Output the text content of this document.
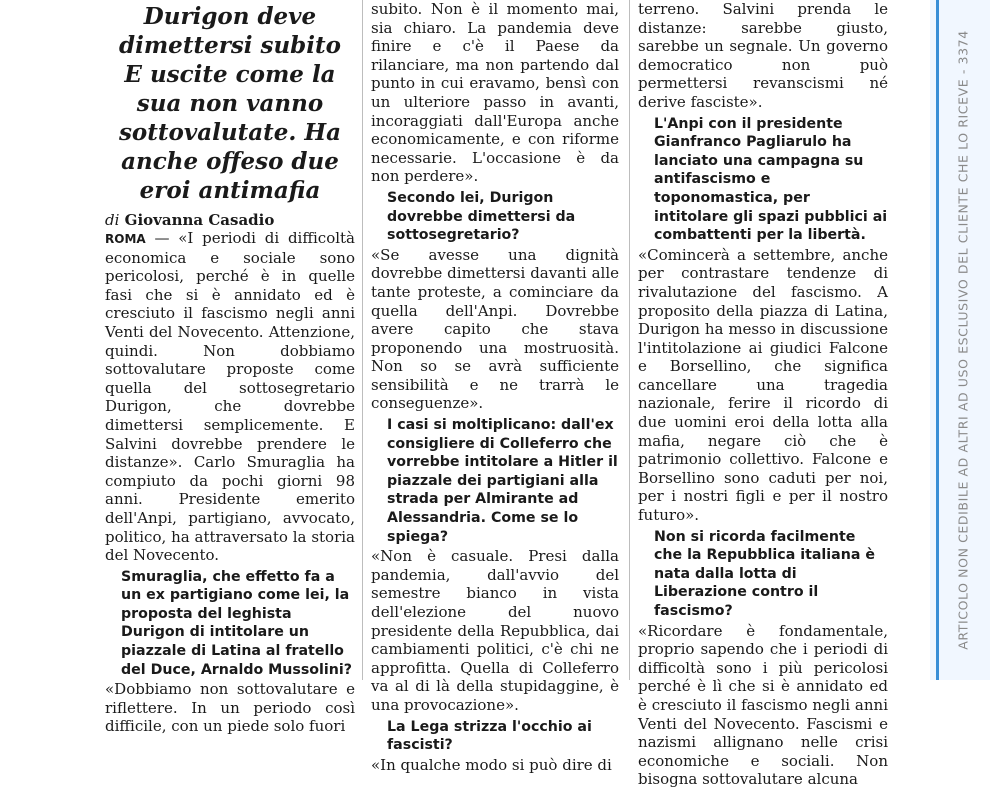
Durigon deve dimettersi subito E uscite come la sua non vanno sottovalutate. Ha anche offeso due eroi antimafia
di Giovanna Casadio

ROMA — «I periodi di difficoltà economica e sociale sono pericolosi, perché è in quelle fasi che si è annidato ed è cresciuto il fascismo negli anni Venti del Novecento. Attenzione, quindi. Non dobbiamo sottovalutare proposte come quella del sottosegretario Durigon, che dovrebbe dimettersi semplicemente. E Salvini dovrebbe prendere le distanze». Carlo Smuraglia ha compiuto da pochi giorni 98 anni. Presidente emerito dell'Anpi, partigiano, avvocato, politico, ha attraversato la storia del Novecento.

Smuraglia, che effetto fa a un ex partigiano come lei, la proposta del leghista Durigon di intitolare un piazzale di Latina al fratello del Duce, Arnaldo Mussolini?

«Dobbiamo non sottovalutare e riflettere. In un periodo così difficile, con un piede solo fuori

subito. Non è il momento mai, sia chiaro. La pandemia deve finire e c'è il Paese da rilanciare, ma non partendo dal punto in cui eravamo, bensì con un ulteriore passo in avanti, incoraggiati dall'Europa anche economicamente, e con riforme necessarie. L'occasione è da non perdere».

Secondo lei, Durigon dovrebbe dimettersi da sottosegretario?

«Se avesse una dignità dovrebbe dimettersi davanti alle tante proteste, a cominciare da quella dell'Anpi. Dovrebbe avere capito che stava proponendo una mostruosità. Non so se avrà sufficiente sensibilità e ne trarrà le conseguenze».

I casi si moltiplicano: dall'ex consigliere di Colleferro che vorrebbe intitolare a Hitler il piazzale dei partigiani alla strada per Almirante ad Alessandria. Come se lo spiega?

«Non è casuale. Presi dalla pandemia, dall'avvio del semestre bianco in vista dell'elezione del nuovo presidente della Repubblica, dai cambiamenti politici, c'è chi ne approfitta. Quella di Colleferro va al di là della stupidaggine, è una provocazione».

La Lega strizza l'occhio ai fascisti?

«In qualche modo si può dire di

terreno. Salvini prenda le distanze: sarebbe giusto, sarebbe un segnale. Un governo democratico non può permettersi revanscismi né derive fasciste».

L'Anpi con il presidente Gianfranco Pagliarulo ha lanciato una campagna su antifascismo e toponomastica, per intitolare gli spazi pubblici ai combattenti per la libertà.

«Comincerà a settembre, anche per contrastare tendenze di rivalutazione del fascismo. A proposito della piazza di Latina, Durigon ha messo in discussione l'intitolazione ai giudici Falcone e Borsellino, che significa cancellare una tragedia nazionale, ferire il ricordo di due uomini eroi della lotta alla mafia, negare ciò che è patrimonio collettivo. Falcone e Borsellino sono caduti per noi, per i nostri figli e per il nostro futuro».

Non si ricorda facilmente che la Repubblica italiana è nata dalla lotta di Liberazione contro il fascismo?

«Ricordare è fondamentale, proprio sapendo che i periodi di difficoltà sono i più pericolosi perché è lì che si è annidato ed è cresciuto il fascismo negli anni Venti del Novecento. Fascismi e nazismi allignano nelle crisi economiche e sociali. Non bisogna sottovalutare alcuna

ARTICOLO NON CEDIBILE AD ALTRI AD USO ESCLUSIVO DEL CLIENTE CHE LO RICEVE - 3374
